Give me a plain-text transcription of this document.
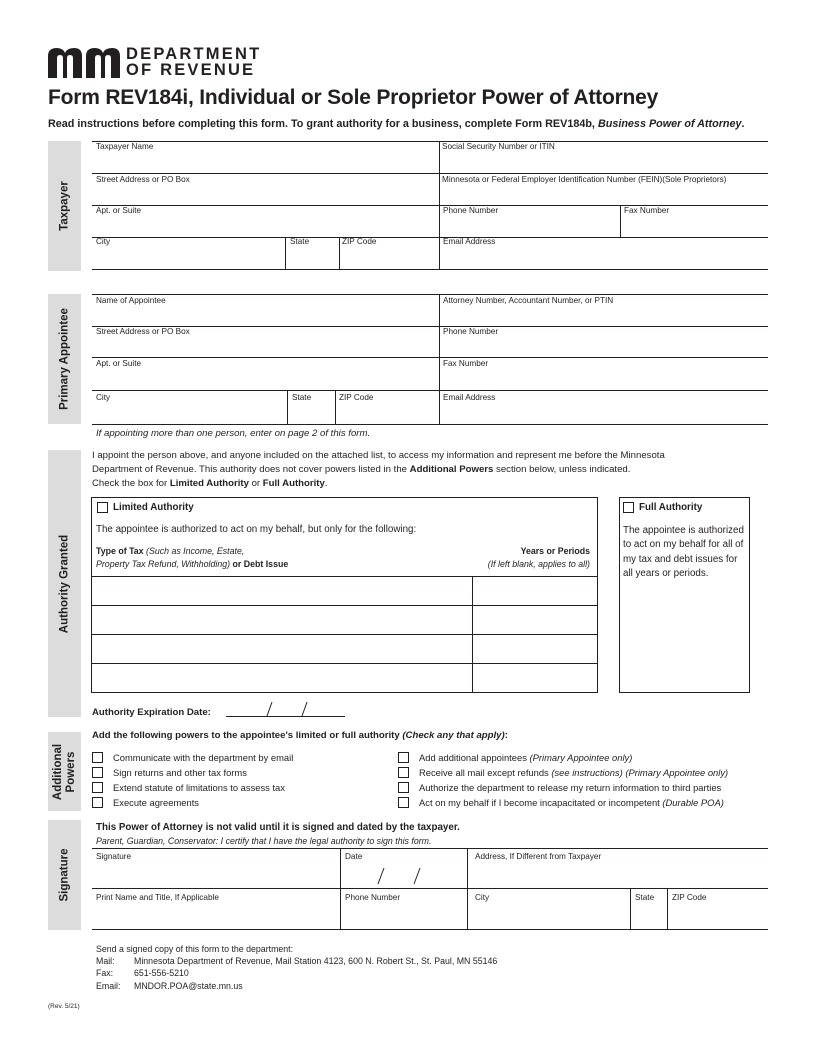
DEPARTMENT
OF REVENUE
Form REV184i, Individual or Sole Proprietor Power of Attorney
Read instructions before completing this form. To grant authority for a business, complete Form REV184b, Business Power of Attorney.
Taxpayer
Taxpayer Name	Social Security Number or ITIN
Street Address or PO Box	Minnesota or Federal Employer Identification Number (FEIN)(Sole Proprietors)
Apt. or Suite	Phone Number	Fax Number
City	State	ZIP Code	Email Address
Primary Appointee
Name of Appointee	Attorney Number, Accountant Number, or PTIN
Street Address or PO Box	Phone Number
Apt. or Suite	Fax Number
City	State	ZIP Code	Email Address
If appointing more than one person, enter on page 2 of this form.
Authority Granted
I appoint the person above, and anyone included on the attached list, to access my information and represent me before the Minnesota
Department of Revenue. This authority does not cover powers listed in the Additional Powers section below, unless indicated.
Check the box for Limited Authority or Full Authority.
Limited Authority
The appointee is authorized to act on my behalf, but only for the following:
Type of Tax (Such as Income, Estate,
Property Tax Refund, Withholding) or Debt Issue
Years or Periods
(If left blank, applies to all)
Full Authority
The appointee is authorized to act on my behalf for all of my tax and debt issues for all years or periods.
Authority Expiration Date:
Additional Powers
Add the following powers to the appointee's limited or full authority (Check any that apply):
Communicate with the department by email
Sign returns and other tax forms
Extend statute of limitations to assess tax
Execute agreements
Add additional appointees (Primary Appointee only)
Receive all mail except refunds (see instructions) (Primary Appointee only)
Authorize the department to release my return information to third parties
Act on my behalf if I become incapacitated or incompetent (Durable POA)
Signature
This Power of Attorney is not valid until it is signed and dated by the taxpayer.
Parent, Guardian, Conservator: I certify that I have the legal authority to sign this form.
Signature	Date	Address, If Different from Taxpayer
Print Name and Title, If Applicable	Phone Number	City	State ZIP Code
Send a signed copy of this form to the department:
Mail:	Minnesota Department of Revenue, Mail Station 4123, 600 N. Robert St., St. Paul, MN 55146
Fax:	651-556-5210
Email:	MNDOR.POA@state.mn.us
(Rev. 5/21)
